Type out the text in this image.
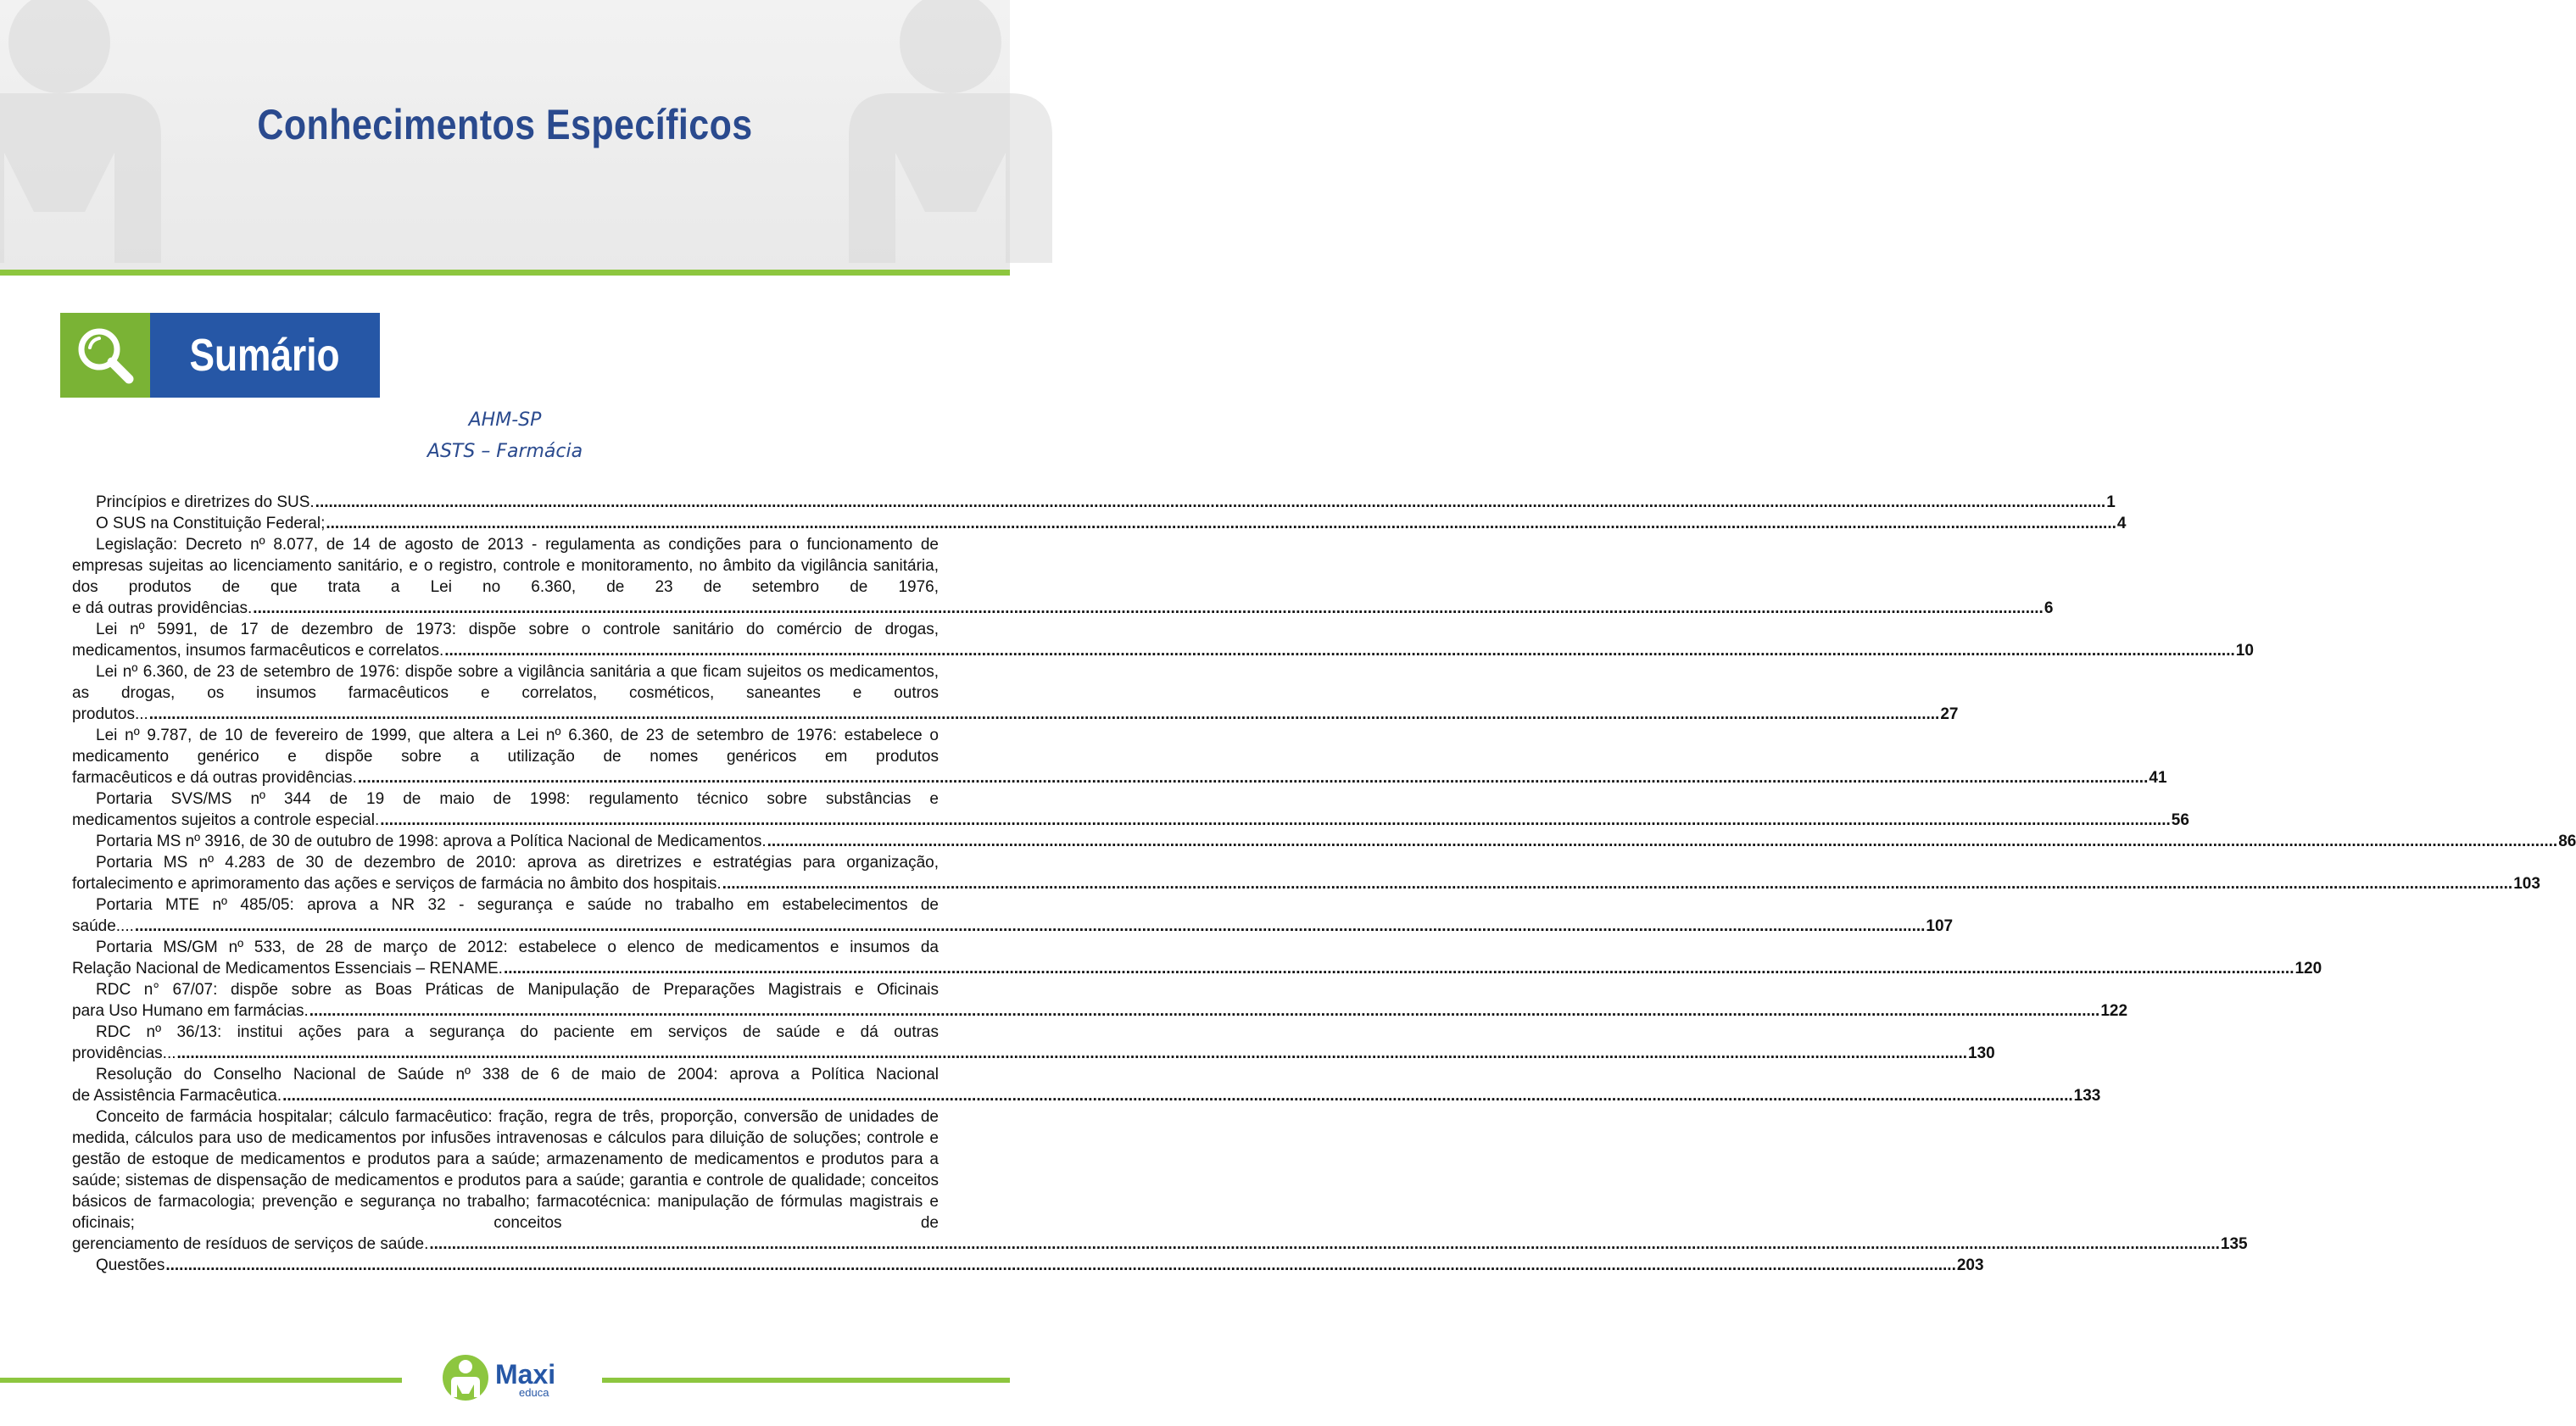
Conhecimentos Específicos
Sumário
AHM-SP
ASTS – Farmácia
Princípios e diretrizes do SUS. ................................................................................................................................................................................................................................................................................................................................................................................................................ 1
O SUS na Constituição Federal; ................................................................................................................................................................................................................................................................................................................................................................................................................ 4
Legislação: Decreto nº 8.077, de 14 de agosto de 2013 - regulamenta as condições para o funcionamento de empresas sujeitas ao licenciamento sanitário, e o registro, controle e monitoramento, no âmbito da vigilância sanitária, dos produtos de que trata a Lei no 6.360, de 23 de setembro de 1976,
e dá outras providências. ................................................................................................................................................................................................................................................................................................................................................................................................................ 6
Lei nº 5991, de 17 de dezembro de 1973: dispõe sobre o controle sanitário do comércio de drogas,
medicamentos, insumos farmacêuticos e correlatos. ................................................................................................................................................................................................................................................................................................................................................................................................................ 10
Lei nº 6.360, de 23 de setembro de 1976: dispõe sobre a vigilância sanitária a que ficam sujeitos os medicamentos, as drogas, os insumos farmacêuticos e correlatos, cosméticos, saneantes e outros
produtos... ................................................................................................................................................................................................................................................................................................................................................................................................................ 27
Lei nº 9.787, de 10 de fevereiro de 1999, que altera a Lei nº 6.360, de 23 de setembro de 1976: estabelece o medicamento genérico e dispõe sobre a utilização de nomes genéricos em produtos
farmacêuticos e dá outras providências. ................................................................................................................................................................................................................................................................................................................................................................................................................ 41
Portaria SVS/MS nº 344 de 19 de maio de 1998: regulamento técnico sobre substâncias e
medicamentos sujeitos a controle especial. ................................................................................................................................................................................................................................................................................................................................................................................................................ 56
Portaria MS nº 3916, de 30 de outubro de 1998: aprova a Política Nacional de Medicamentos. ................................................................................................................................................................................................................................................................................................................................................................................................................ 86
Portaria MS nº 4.283 de 30 de dezembro de 2010: aprova as diretrizes e estratégias para organização,
fortalecimento e aprimoramento das ações e serviços de farmácia no âmbito dos hospitais. ................................................................................................................................................................................................................................................................................................................................................................................................................ 103
Portaria MTE nº 485/05: aprova a NR 32 - segurança e saúde no trabalho em estabelecimentos de
saúde.... ................................................................................................................................................................................................................................................................................................................................................................................................................ 107
Portaria MS/GM nº 533, de 28 de março de 2012: estabelece o elenco de medicamentos e insumos da
Relação Nacional de Medicamentos Essenciais – RENAME. ................................................................................................................................................................................................................................................................................................................................................................................................................ 120
RDC n° 67/07: dispõe sobre as Boas Práticas de Manipulação de Preparações Magistrais e Oficinais
para Uso Humano em farmácias. ................................................................................................................................................................................................................................................................................................................................................................................................................ 122
RDC nº 36/13: institui ações para a segurança do paciente em serviços de saúde e dá outras
providências... ................................................................................................................................................................................................................................................................................................................................................................................................................ 130
Resolução do Conselho Nacional de Saúde nº 338 de 6 de maio de 2004: aprova a Política Nacional
de Assistência Farmacêutica. ................................................................................................................................................................................................................................................................................................................................................................................................................ 133
Conceito de farmácia hospitalar; cálculo farmacêutico: fração, regra de três, proporção, conversão de unidades de medida, cálculos para uso de medicamentos por infusões intravenosas e cálculos para diluição de soluções; controle e gestão de estoque de medicamentos e produtos para a saúde; armazenamento de medicamentos e produtos para a saúde; sistemas de dispensação de medicamentos e produtos para a saúde; garantia e controle de qualidade; conceitos básicos de farmacologia; prevenção e segurança no trabalho; farmacotécnica: manipulação de fórmulas magistrais e oficinais; conceitos de
gerenciamento de resíduos de serviços de saúde. ................................................................................................................................................................................................................................................................................................................................................................................................................ 135
Questões ................................................................................................................................................................................................................................................................................................................................................................................................................ 203
Maxi
educa
